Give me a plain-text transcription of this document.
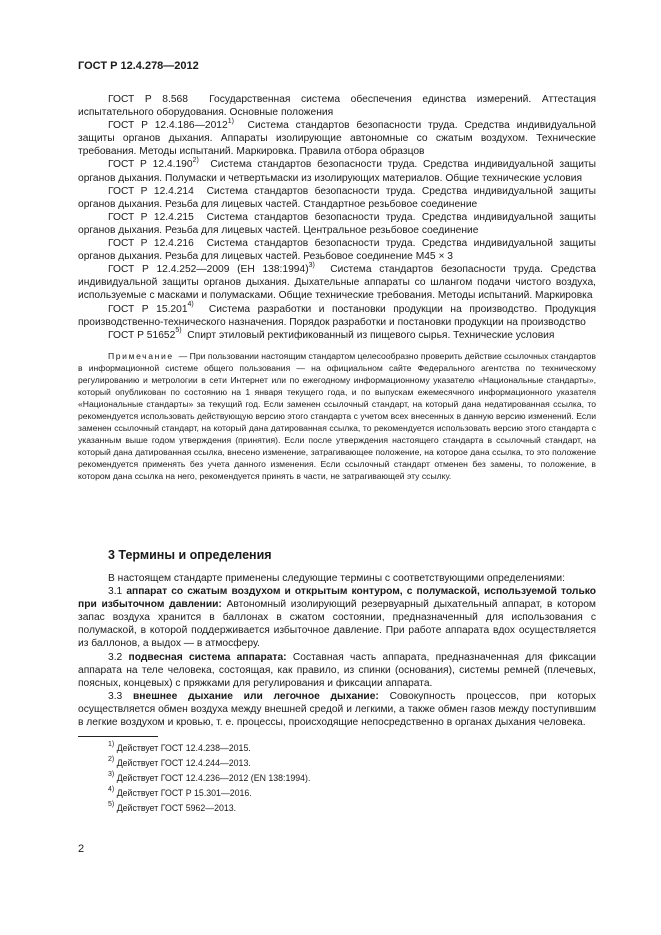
ГОСТ Р 12.4.278—2012

ГОСТ Р 8.568 Государственная система обеспечения единства измерений. Аттестация испытательного оборудования. Основные положения

ГОСТ Р 12.4.186—2012$^{1)}$ Система стандартов безопасности труда. Средства индивидуальной защиты органов дыхания. Аппараты изолирующие автономные со сжатым воздухом. Технические требования. Методы испытаний. Маркировка. Правила отбора образцов

ГОСТ Р 12.4.190$^{2)}$ Система стандартов безопасности труда. Средства индивидуальной защиты органов дыхания. Полумаски и четвертьмаски из изолирующих материалов. Общие технические условия

ГОСТ Р 12.4.214 Система стандартов безопасности труда. Средства индивидуальной защиты органов дыхания. Резьба для лицевых частей. Стандартное резьбовое соединение

ГОСТ Р 12.4.215 Система стандартов безопасности труда. Средства индивидуальной защиты органов дыхания. Резьба для лицевых частей. Центральное резьбовое соединение

ГОСТ Р 12.4.216 Система стандартов безопасности труда. Средства индивидуальной защиты органов дыхания. Резьба для лицевых частей. Резьбовое соединение М45 × 3

ГОСТ Р 12.4.252—2009 (ЕН 138:1994)$^{3)}$ Система стандартов безопасности труда. Средства индивидуальной защиты органов дыхания. Дыхательные аппараты со шлангом подачи чистого воздуха, используемые с масками и полумасками. Общие технические требования. Методы испытаний. Маркировка

ГОСТ Р 15.201$^{4)}$ Система разработки и постановки продукции на производство. Продукция производственно-технического назначения. Порядок разработки и постановки продукции на производство

ГОСТ Р 51652$^{5)}$ Спирт этиловый ректификованный из пищевого сырья. Технические условия

Примечание — При пользовании настоящим стандартом целесообразно проверить действие ссылочных стандартов в информационной системе общего пользования — на официальном сайте Федерального агентства по техническому регулированию и метрологии в сети Интернет или по ежегодному информационному указателю «Национальные стандарты», который опубликован по состоянию на 1 января текущего года, и по выпускам ежемесячного информационного указателя «Национальные стандарты» за текущий год. Если заменен ссылочный стандарт, на который дана недатированная ссылка, то рекомендуется использовать действующую версию этого стандарта с учетом всех внесенных в данную версию изменений. Если заменен ссылочный стандарт, на который дана датированная ссылка, то рекомендуется использовать версию этого стандарта с указанным выше годом утверждения (принятия). Если после утверждения настоящего стандарта в ссылочный стандарт, на который дана датированная ссылка, внесено изменение, затрагивающее положение, на которое дана ссылка, то это положение рекомендуется применять без учета данного изменения. Если ссылочный стандарт отменен без замены, то положение, в котором дана ссылка на него, рекомендуется принять в части, не затрагивающей эту ссылку.

3 Термины и определения

В настоящем стандарте применены следующие термины с соответствующими определениями:

3.1 аппарат со сжатым воздухом и открытым контуром, с полумаской, используемой только при избыточном давлении: Автономный изолирующий резервуарный дыхательный аппарат, в котором запас воздуха хранится в баллонах в сжатом состоянии, предназначенный для использования с полумаской, в которой поддерживается избыточное давление. При работе аппарата вдох осуществляется из баллонов, а выдох — в атмосферу.

3.2 подвесная система аппарата: Составная часть аппарата, предназначенная для фиксации аппарата на теле человека, состоящая, как правило, из спинки (основания), системы ремней (плечевых, поясных, концевых) с пряжками для регулирования и фиксации аппарата.

3.3 внешнее дыхание или легочное дыхание: Совокупность процессов, при которых осуществляется обмен воздуха между внешней средой и легкими, а также обмен газов между поступившим в легкие воздухом и кровью, т. е. процессы, происходящие непосредственно в органах дыхания человека.

$^{1)}$ Действует ГОСТ 12.4.238—2015.
$^{2)}$ Действует ГОСТ 12.4.244—2013.
$^{3)}$ Действует ГОСТ 12.4.236—2012 (EN 138:1994).
$^{4)}$ Действует ГОСТ Р 15.301—2016.
$^{5)}$ Действует ГОСТ 5962—2013.
2
